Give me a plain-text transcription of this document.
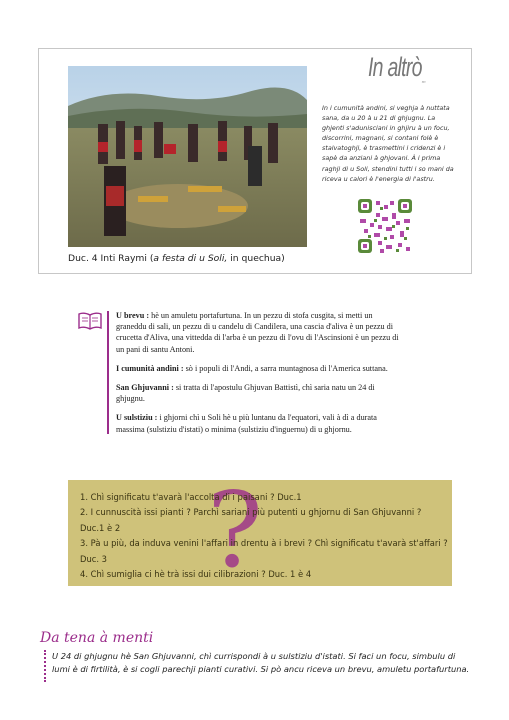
Duc. 4 Inti Raymi (a festa di u Soli, in quechua)
In altrò$_{...}$
In i cumunità andini, si veghja à nuttata sana, da u 20 à u 21 di ghjugnu. La ghjenti s'adunisciani in ghjiru à un focu, discorrini, magnani, si contani folè è stalvatoghji, è trasmettini i cridenzi è i sapè da anziani à ghjovani. À i prima raghji di u Soli, stendini tutti i so mani da riceva u calori è l'energia di l'astru.

U brevu : hè un amuletu portafurtuna. In un pezzu di stofa cusgita, si metti un graneddu di sali, un pezzu di u candelu di Candilera, una cascia d'aliva è un pezzu di crucetta d'Aliva, una vittedda di l'arba è un pezzu di l'ovu di l'Ascinsioni è un pezzu di un pani di santu Antoni.

I cumunità andini : sò i populi di l'Andi, a sarra muntagnosa di l'America suttana.

San Ghjuvanni : si tratta di l'apostulu Ghjuvan Battistì, chì saria natu un 24 di ghjugnu.

U sulstiziu : i ghjorni chì u Soli hè u più luntanu da l'equatori, vali à dì a durata massima (sulstiziu d'istati) o minima (sulstiziu d'inguernu) di u ghjornu.

?
1. Chì significatu t'avarà l'accolta di i paisani ? Duc.1
2. I cunnuscità issi pianti ? Parchì sariani più putenti u ghjornu di San Ghjuvanni ?
Duc.1 è 2
3. Pà u più, da induva venini l'affari in drentu à i brevi ? Chì significatu t'avarà st'affari ?
Duc. 3
4. Chì sumiglia ci hè trà issi dui cilibrazioni ? Duc. 1 è 4
Da tena à menti
U 24 di ghjugnu hè San Ghjuvanni, chì currispondi à u sulstiziu d'istati. Si faci un focu, simbulu di lumi è di firtilità, è si cogli parechji pianti curativi. Si pò ancu riceva un brevu, amuletu portafurtuna.
